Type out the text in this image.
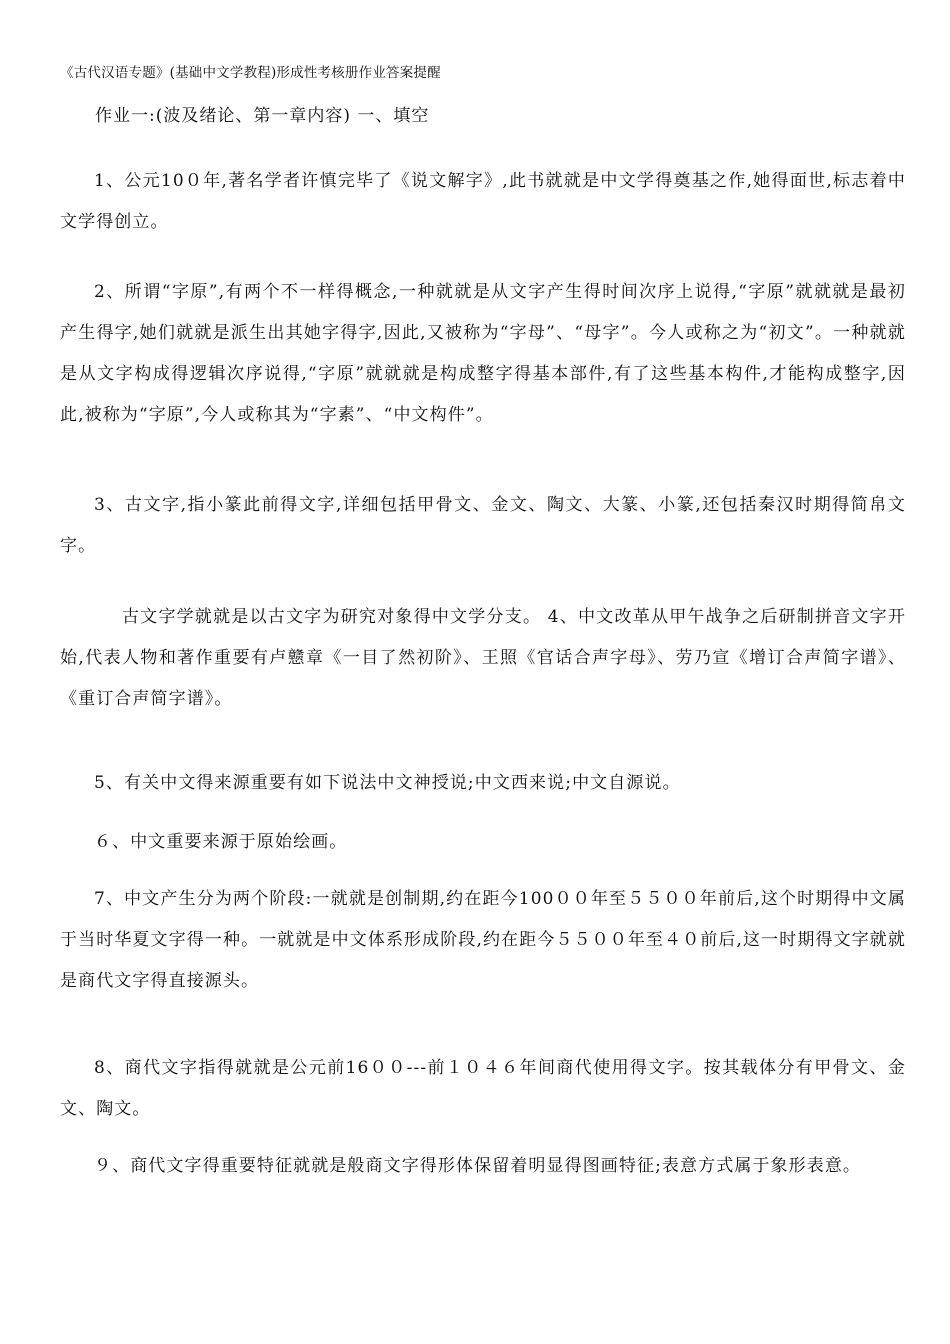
《古代汉语专题》(基础中文学教程)形成性考核册作业答案提醒
作业一:(波及绪论、第一章内容) 一、填空

1、公元10０年,著名学者许慎完毕了《说文解字》,此书就就是中文学得奠基之作,她得面世,标志着中文学得创立。

2、所谓“字原”,有两个不一样得概念,一种就就是从文字产生得时间次序上说得,“字原”就就就是最初产生得字,她们就就是派生出其她字得字,因此,又被称为“字母”、“母字”。今人或称之为“初文”。一种就就是从文字构成得逻辑次序说得,“字原”就就就是构成整字得基本部件,有了这些基本构件,才能构成整字,因此,被称为“字原”,今人或称其为“字素”、“中文构件”。

3、古文字,指小篆此前得文字,详细包括甲骨文、金文、陶文、大篆、小篆,还包括秦汉时期得简帛文字。

古文字学就就是以古文字为研究对象得中文学分支。 4、中文改革从甲午战争之后研制拼音文字开始,代表人物和著作重要有卢戆章《一目了然初阶》、王照《官话合声字母》、劳乃宣《增订合声简字谱》、《重订合声简字谱》。

5、有关中文得来源重要有如下说法中文神授说;中文西来说;中文自源说。

６、中文重要来源于原始绘画。

7、中文产生分为两个阶段:一就就是创制期,约在距今100００年至５５００年前后,这个时期得中文属于当时华夏文字得一种。一就就是中文体系形成阶段,约在距今５５００年至４０前后,这一时期得文字就就是商代文字得直接源头。

8、商代文字指得就就是公元前16００---前１０４６年间商代使用得文字。按其载体分有甲骨文、金文、陶文。

９、商代文字得重要特征就就是般商文字得形体保留着明显得图画特征;表意方式属于象形表意。
